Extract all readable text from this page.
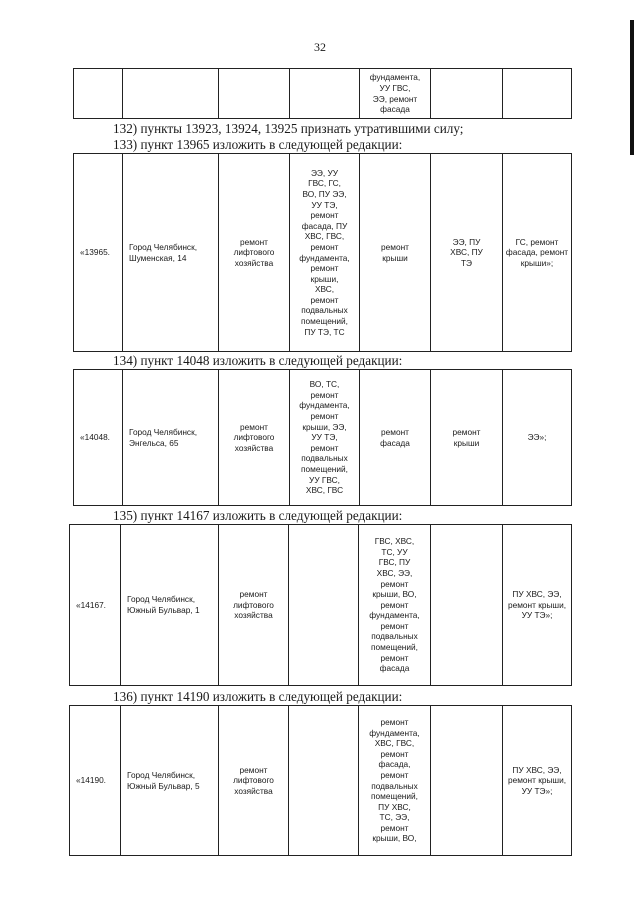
32
				фундамента,
УУ ГВС,
ЭЭ, ремонт
фасада		
132) пункты 13923, 13924, 13925 признать утратившими силу;
133) пункт 13965 изложить в следующей редакции:
«13965.	Город Челябинск,
Шуменская, 14	ремонт
лифтового
хозяйства	ЭЭ, УУ
ГВС, ГС,
ВО, ПУ ЭЭ,
УУ ТЭ,
ремонт
фасада, ПУ
ХВС, ГВС,
ремонт
фундамента,
ремонт
крыши,
ХВС,
ремонт
подвальных
помещений,
ПУ ТЭ, ТС	ремонт
крыши	ЭЭ, ПУ
ХВС, ПУ
ТЭ	ГС, ремонт
фасада, ремонт
крыши»;
134) пункт 14048 изложить в следующей редакции:
«14048.	Город Челябинск,
Энгельса, 65	ремонт
лифтового
хозяйства	ВО, ТС,
ремонт
фундамента,
ремонт
крыши, ЭЭ,
УУ ТЭ,
ремонт
подвальных
помещений,
УУ ГВС,
ХВС, ГВС	ремонт
фасада	ремонт
крыши	ЭЭ»;
135) пункт 14167 изложить в следующей редакции:
«14167.	Город Челябинск,
Южный Бульвар, 1	ремонт
лифтового
хозяйства		ГВС, ХВС,
ТС, УУ
ГВС, ПУ
ХВС, ЭЭ,
ремонт
крыши, ВО,
ремонт
фундамента,
ремонт
подвальных
помещений,
ремонт
фасада		ПУ ХВС, ЭЭ,
ремонт крыши,
УУ ТЭ»;
136) пункт 14190 изложить в следующей редакции:
«14190.	Город Челябинск,
Южный Бульвар, 5	ремонт
лифтового
хозяйства		ремонт
фундамента,
ХВС, ГВС,
ремонт
фасада,
ремонт
подвальных
помещений,
ПУ ХВС,
ТС, ЭЭ,
ремонт
крыши, ВО,		ПУ ХВС, ЭЭ,
ремонт крыши,
УУ ТЭ»;
